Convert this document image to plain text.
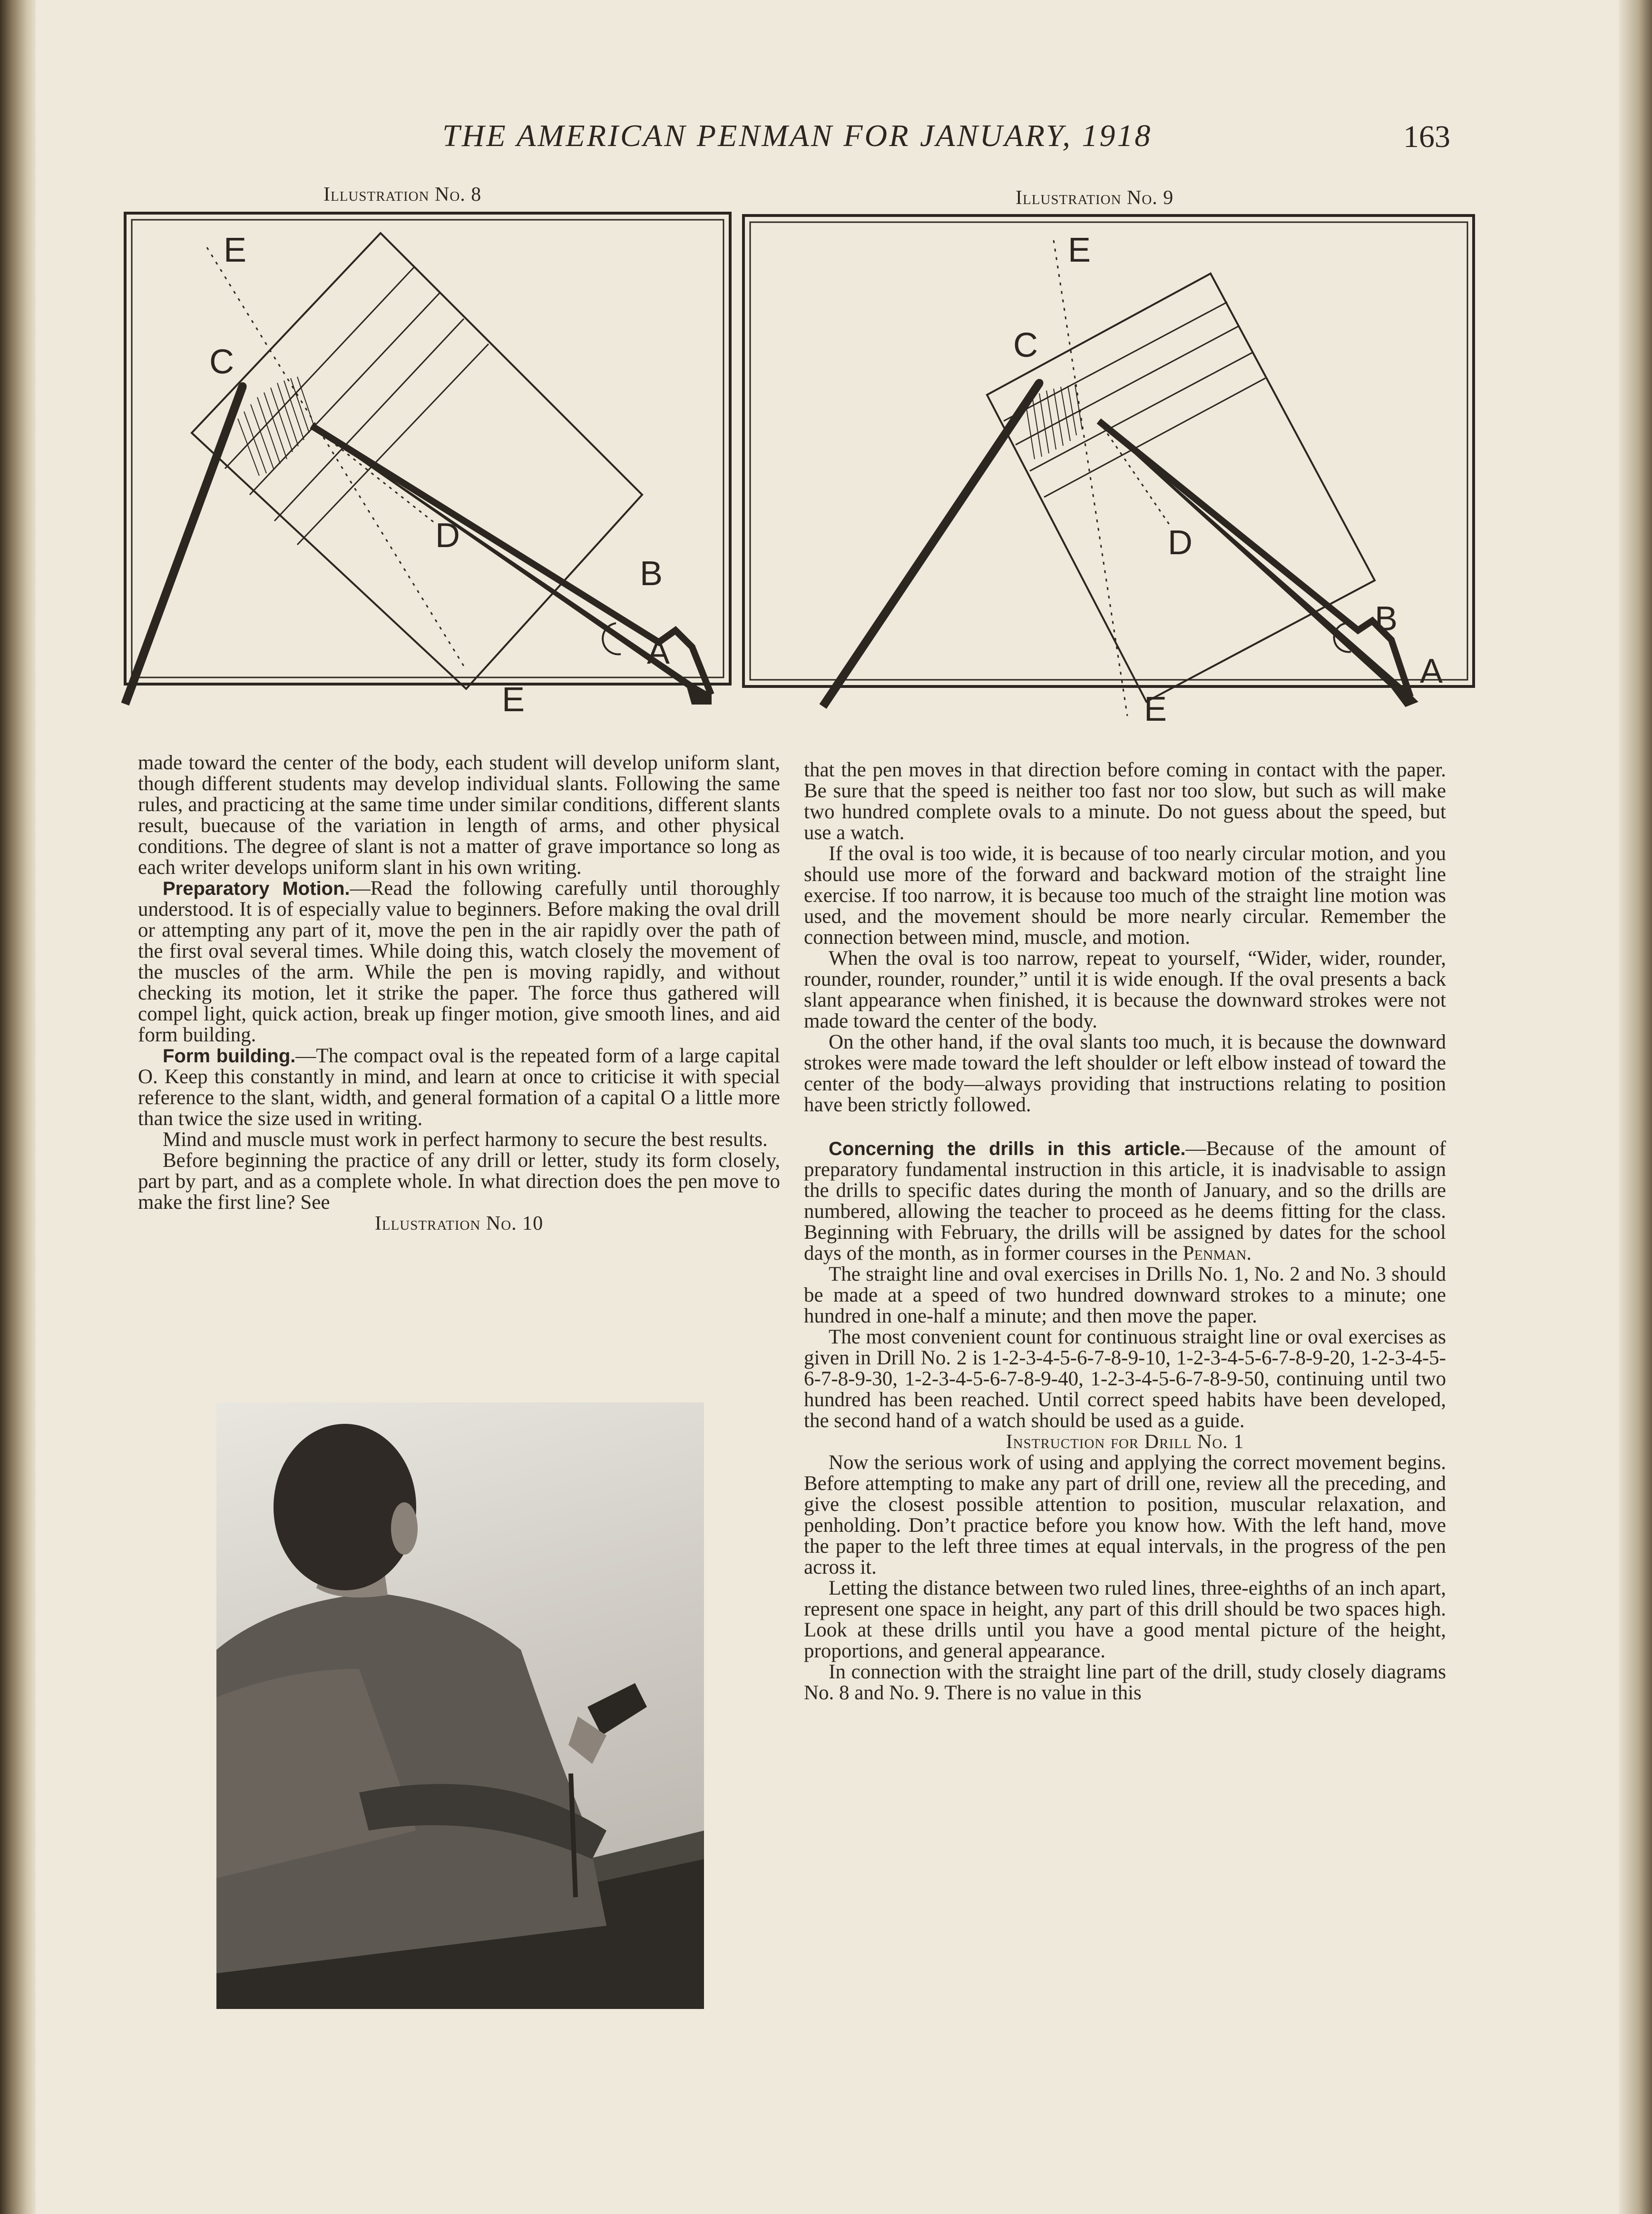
THE AMERICAN PENMAN FOR JANUARY, 1918	163
Illustration No. 8
E
C
D
B
A
E
Illustration No. 9
E
C
D
B
A
E

made toward the center of the body, each student will develop uniform slant, though different students may develop individual slants. Following the same rules, and practicing at the same time under similar conditions, different slants result, buecause of the variation in length of arms, and other physical conditions. The degree of slant is not a matter of grave importance so long as each writer develops uniform slant in his own writing.

Preparatory Motion.—Read the following carefully until thoroughly understood. It is of especially value to beginners. Before making the oval drill or attempting any part of it, move the pen in the air rapidly over the path of the first oval several times. While doing this, watch closely the movement of the muscles of the arm. While the pen is moving rapidly, and without checking its motion, let it strike the paper. The force thus gathered will compel light, quick action, break up finger motion, give smooth lines, and aid form building.

Form building.—The compact oval is the repeated form of a large capital O. Keep this constantly in mind, and learn at once to criticise it with special reference to the slant, width, and general formation of a capital O a little more than twice the size used in writing.

Mind and muscle must work in perfect harmony to secure the best results.

Before beginning the practice of any drill or letter, study its form closely, part by part, and as a complete whole. In what direction does the pen move to make the first line? See

Illustration No. 10

that the pen moves in that direction before coming in contact with the paper. Be sure that the speed is neither too fast nor too slow, but such as will make two hundred complete ovals to a minute. Do not guess about the speed, but use a watch.

If the oval is too wide, it is because of too nearly circular motion, and you should use more of the forward and backward motion of the straight line exercise. If too narrow, it is because too much of the straight line motion was used, and the movement should be more nearly circular. Remember the connection between mind, muscle, and motion.

When the oval is too narrow, repeat to yourself, “Wider, wider, rounder, rounder, rounder, rounder,” until it is wide enough. If the oval presents a back slant appearance when finished, it is because the downward strokes were not made toward the center of the body.

On the other hand, if the oval slants too much, it is because the downward strokes were made toward the left shoulder or left elbow instead of toward the center of the body—always providing that instructions relating to position have been strictly followed.

Concerning the drills in this article.—Because of the amount of preparatory fundamental instruction in this article, it is inadvisable to assign the drills to specific dates during the month of January, and so the drills are numbered, allowing the teacher to proceed as he deems fitting for the class. Beginning with February, the drills will be assigned by dates for the school days of the month, as in former courses in the Penman.

The straight line and oval exercises in Drills No. 1, No. 2 and No. 3 should be made at a speed of two hundred downward strokes to a minute; one hundred in one-half a minute; and then move the paper.

The most convenient count for continuous straight line or oval exercises as given in Drill No. 2 is 1-2-3-4-5-6-7-8-9-10, 1-2-3-4-5-6-7-8-9-20, 1-2-3-4-5-6-7-8-9-30, 1-2-3-4-5-6-7-8-9-40, 1-2-3-4-5-6-7-8-9-50, continuing until two hundred has been reached. Until correct speed habits have been developed, the second hand of a watch should be used as a guide.

Instruction for Drill No. 1

Now the serious work of using and applying the correct movement begins. Before attempting to make any part of drill one, review all the preceding, and give the closest possible attention to position, muscular relaxation, and penholding. Don’t practice before you know how. With the left hand, move the paper to the left three times at equal intervals, in the progress of the pen across it.

Letting the distance between two ruled lines, three-eighths of an inch apart, represent one space in height, any part of this drill should be two spaces high. Look at these drills until you have a good mental picture of the height, proportions, and general appearance.

In connection with the straight line part of the drill, study closely diagrams No. 8 and No. 9. There is no value in this
